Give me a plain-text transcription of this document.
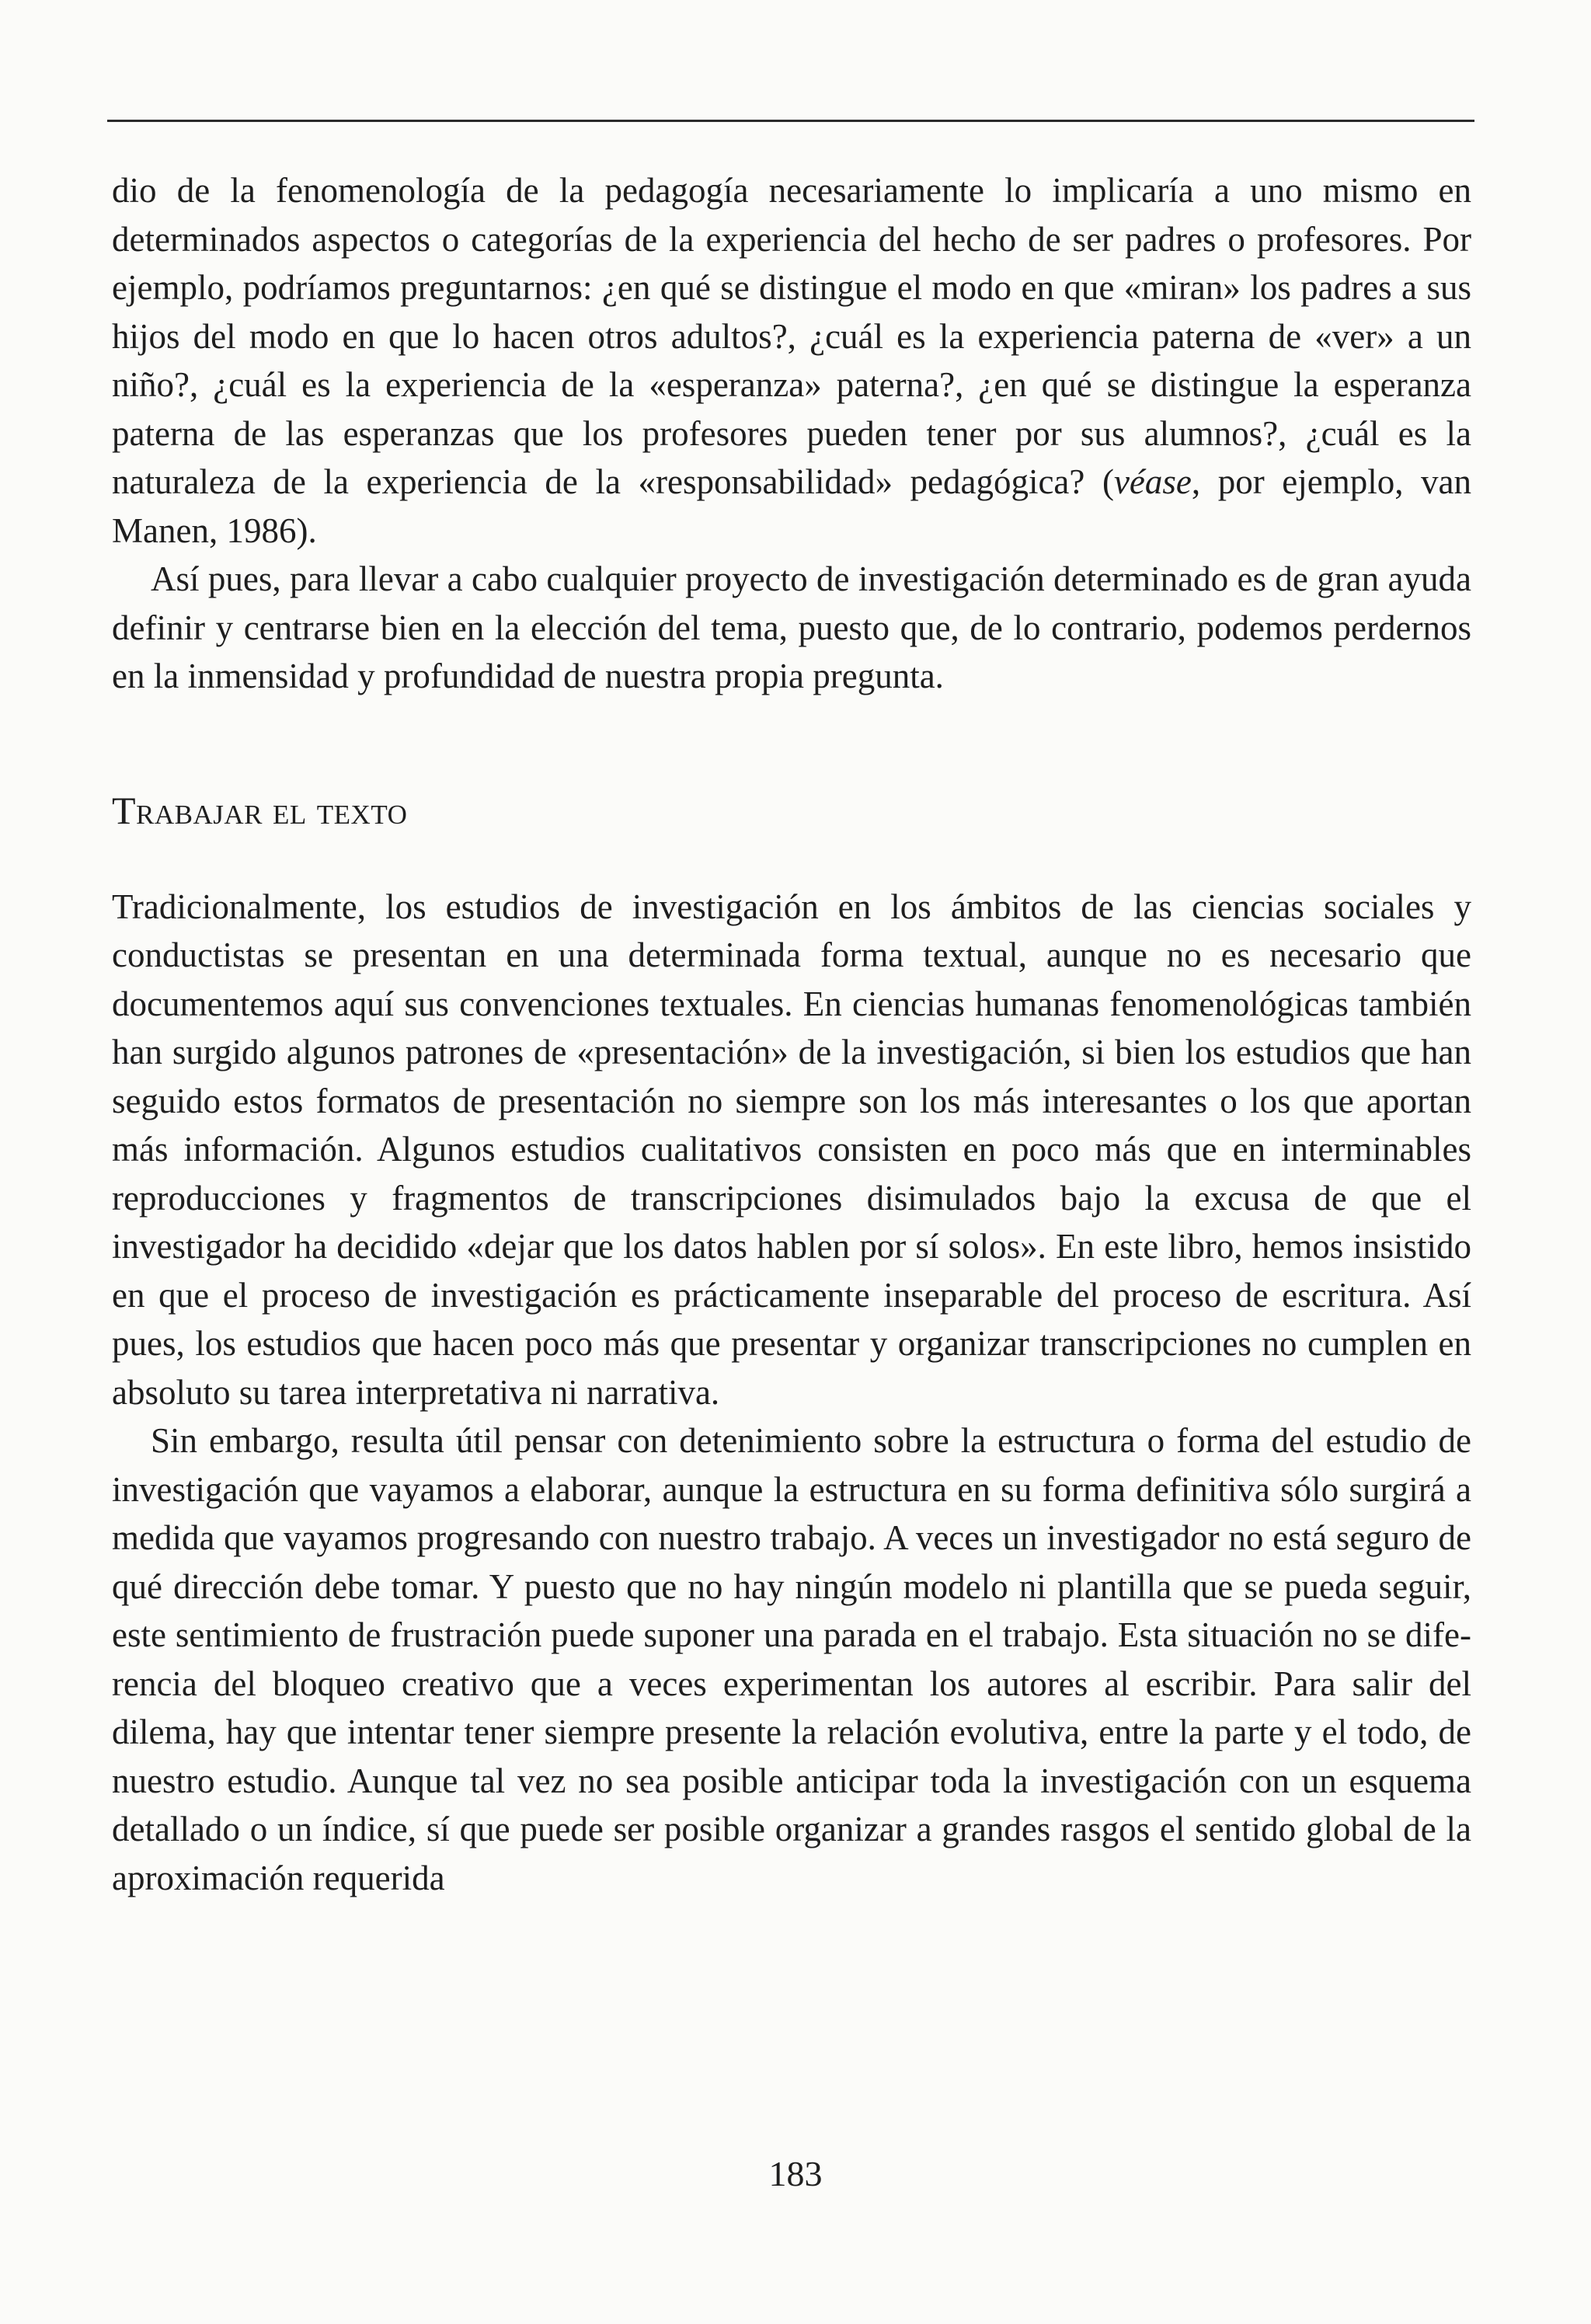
dio de la fenomenología de la pedagogía necesariamente lo implicaría a uno mismo en determinados aspectos o categorías de la experiencia del hecho de ser padres o profesores. Por ejemplo, podríamos preguntarnos: ¿en qué se distingue el modo en que «miran» los padres a sus hijos del modo en que lo hacen otros adultos?, ¿cuál es la experiencia paterna de «ver» a un niño?, ¿cuál es la experiencia de la «esperanza» paterna?, ¿en qué se distingue la esperanza paterna de las esperanzas que los profesores pueden tener por sus alumnos?, ¿cuál es la naturaleza de la experiencia de la «responsabilidad» pedagógica? (véase, por ejemplo, van Manen, 1986).

Así pues, para llevar a cabo cualquier proyecto de investigación determinado es de gran ayuda definir y centrarse bien en la elección del tema, puesto que, de lo contrario, podemos perdernos en la inmensidad y profundidad de nuestra propia pregunta.

Trabajar el texto

Tradicionalmente, los estudios de investigación en los ámbitos de las ciencias sociales y conductistas se presentan en una determinada forma textual, aunque no es necesario que documentemos aquí sus convenciones textuales. En ciencias humanas fenomenológicas también han surgido algunos patrones de «presentación» de la investigación, si bien los estudios que han seguido estos formatos de presentación no siempre son los más interesantes o los que aportan más información. Algunos estudios cualitativos consisten en poco más que en interminables reproducciones y fragmentos de transcripciones disimulados bajo la excusa de que el investigador ha decidido «dejar que los datos hablen por sí solos». En este libro, hemos insistido en que el proceso de investigación es prácticamente inseparable del proceso de escritura. Así pues, los estudios que hacen poco más que presentar y organizar transcripciones no cumplen en absoluto su tarea interpretativa ni narrativa.

Sin embargo, resulta útil pensar con detenimiento sobre la estructura o forma del estudio de investigación que vayamos a elaborar, aunque la estructura en su forma definitiva sólo surgirá a medida que vayamos progresando con nuestro trabajo. A veces un investigador no está seguro de qué dirección debe tomar. Y puesto que no hay ningún modelo ni plantilla que se pueda seguir, este sentimiento de frustración puede suponer una parada en el trabajo. Esta situación no se diferencia del bloqueo creativo que a veces experimentan los autores al escribir. Para salir del dilema, hay que intentar tener siempre presente la relación evolutiva, entre la parte y el todo, de nuestro estudio. Aunque tal vez no sea posible anticipar toda la investigación con un esquema detallado o un índice, sí que puede ser posible organizar a grandes rasgos el sentido global de la aproximación requerida

183
